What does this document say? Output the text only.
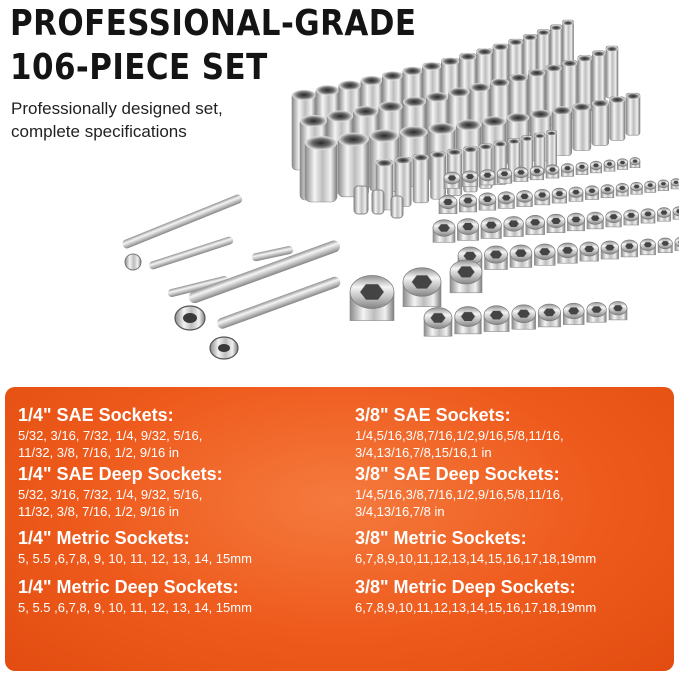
PROFESSIONAL-GRADE
106-PIECE SET
Professionally designed set,
complete specifications
1/4" SAE Sockets:

5/32, 3/16, 7/32, 1/4, 9/32, 5/16,
11/32, 3/8, 7/16, 1/2, 9/16 in

1/4" SAE Deep Sockets:

5/32, 3/16, 7/32, 1/4, 9/32, 5/16,
11/32, 3/8, 7/16, 1/2, 9/16 in

1/4" Metric Sockets:

5, 5.5 ,6,7,8, 9, 10, 11, 12, 13, 14, 15mm

1/4" Metric Deep Sockets:

5, 5.5 ,6,7,8, 9, 10, 11, 12, 13, 14, 15mm

3/8" SAE Sockets:

1/4,5/16,3/8,7/16,1/2,9/16,5/8,11/16,
3/4,13/16,7/8,15/16,1 in

3/8" SAE Deep Sockets:

1/4,5/16,3/8,7/16,1/2,9/16,5/8,11/16,
3/4,13/16,7/8 in

3/8" Metric Sockets:

6,7,8,9,10,11,12,13,14,15,16,17,18,19mm

3/8" Metric Deep Sockets:

6,7,8,9,10,11,12,13,14,15,16,17,18,19mm
